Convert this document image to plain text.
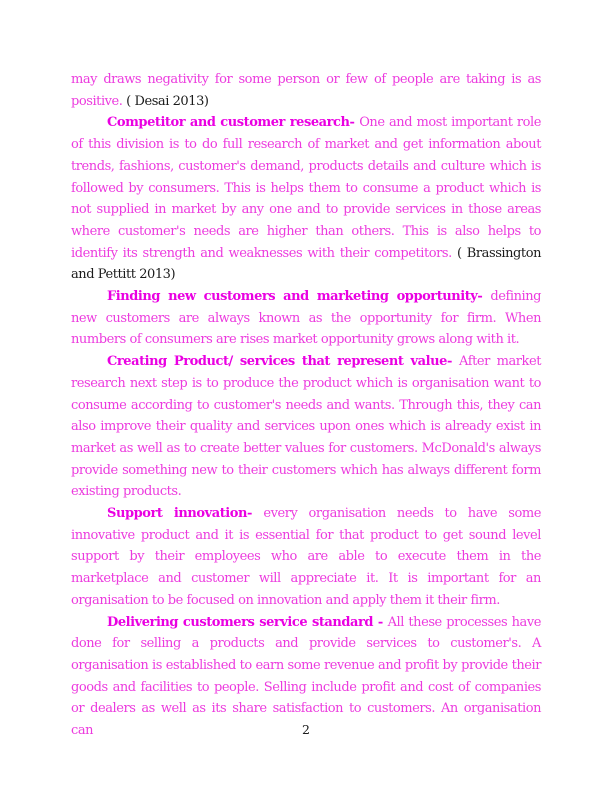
may draws negativity for some person or few of people are taking is as positive. ( Desai 2013)

Competitor and customer research- One and most important role of this division is to do full research of market and get information about trends, fashions, customer's demand, products details and culture which is followed by consumers. This is helps them to consume a product which is not supplied in market by any one and to provide services in those areas where customer's needs are higher than others. This is also helps to identify its strength and weaknesses with their competitors. ( Brassington and Pettitt 2013)

Finding new customers and marketing opportunity- defining new customers are always known as the opportunity for firm. When numbers of consumers are rises market opportunity grows along with it.

Creating Product/ services that represent value- After market research next step is to produce the product which is organisation want to consume according to customer's needs and wants. Through this, they can also improve their quality and services upon ones which is already exist in market as well as to create better values for customers. McDonald's always provide something new to their customers which has always different form existing products.

Support innovation- every organisation needs to have some innovative product and it is essential for that product to get sound level support by their employees who are able to execute them in the marketplace and customer will appreciate it. It is important for an organisation to be focused on innovation and apply them it their firm.

Delivering customers service standard - All these processes have done for selling a products and provide services to customer's. A organisation is established to earn some revenue and profit by provide their goods and facilities to people. Selling include profit and cost of companies or dealers as well as its share satisfaction to customers. An organisation can	2
